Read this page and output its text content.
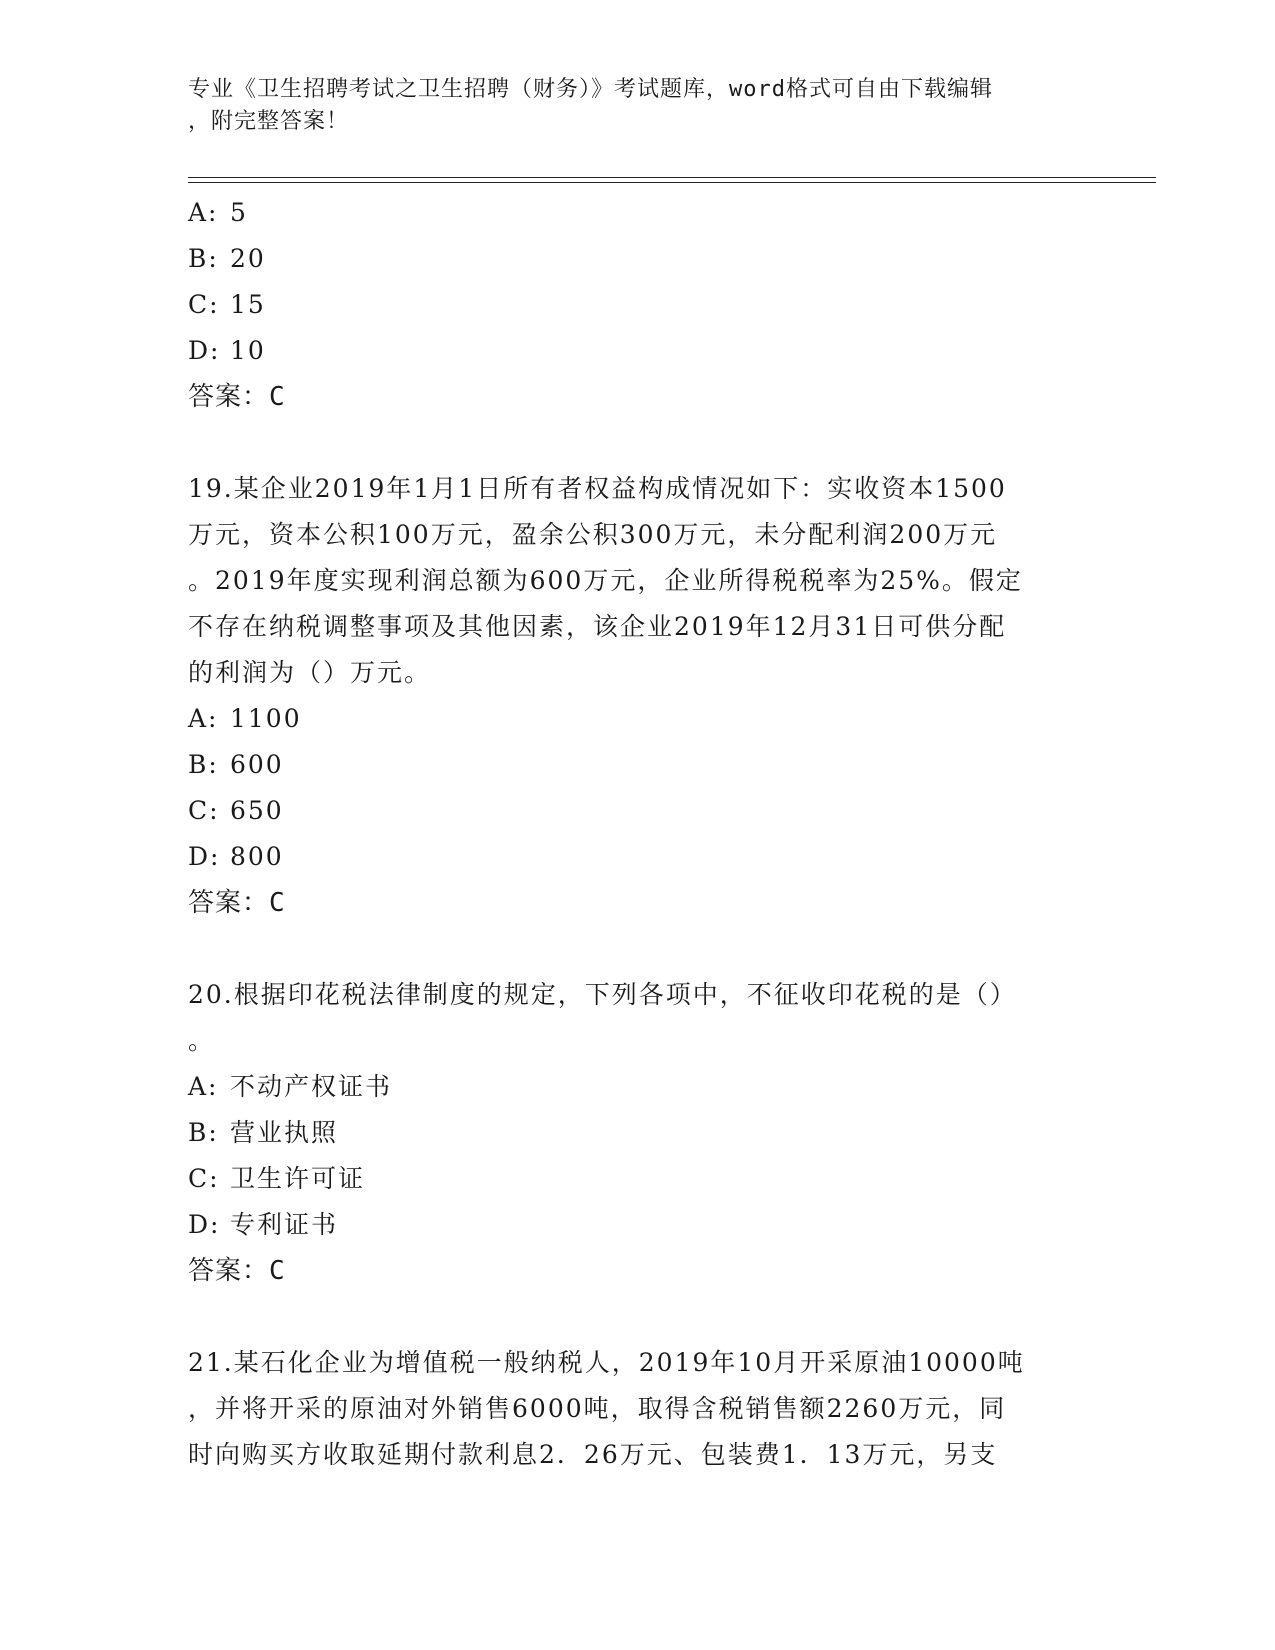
专业《卫生招聘考试之卫生招聘（财务）》考试题库，word格式可自由下载编辑
，附完整答案！
A: 5
B: 20
C: 15
D: 10
答案：C
19.某企业2019年1月1日所有者权益构成情况如下：实收资本1500
万元，资本公积100万元，盈余公积300万元，未分配利润200万元
。2019年度实现利润总额为600万元，企业所得税税率为25%。假定
不存在纳税调整事项及其他因素，该企业2019年12月31日可供分配
的利润为（）万元。
A: 1100
B: 600
C: 650
D: 800
答案：C
20.根据印花税法律制度的规定，下列各项中，不征收印花税的是（）
。
A: 不动产权证书
B: 营业执照
C: 卫生许可证
D: 专利证书
答案：C
21.某石化企业为增值税一般纳税人，2019年10月开采原油10000吨
，并将开采的原油对外销售6000吨，取得含税销售额2260万元，同
时向购买方收取延期付款利息2．26万元、包装费1．13万元，另支
